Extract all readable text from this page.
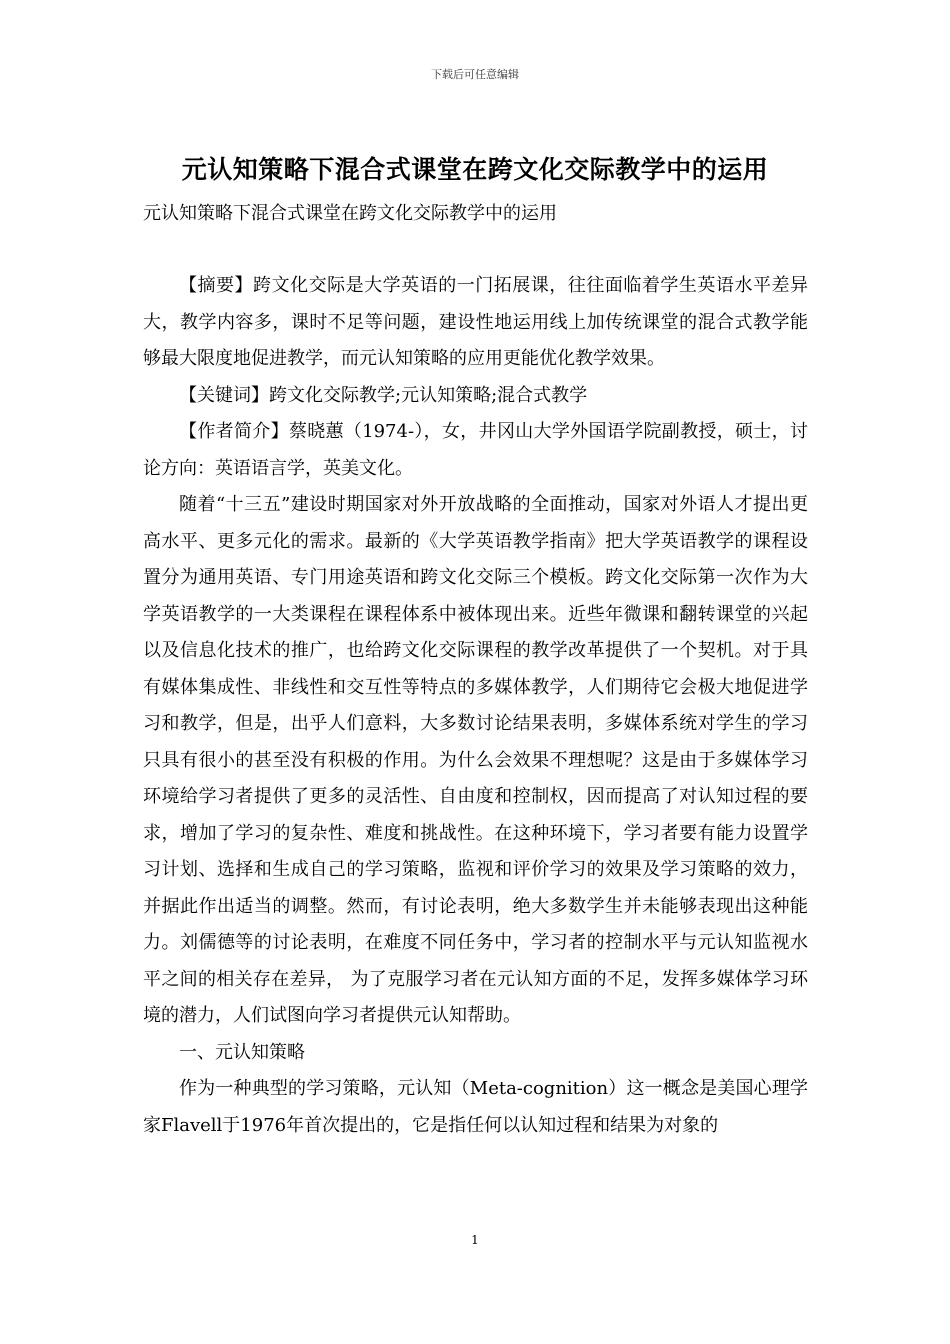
下载后可任意编辑
元认知策略下混合式课堂在跨文化交际教学中的运用
元认知策略下混合式课堂在跨文化交际教学中的运用

【摘要】跨文化交际是大学英语的一门拓展课，往往面临着学生英语水平差异大，教学内容多，课时不足等问题，建设性地运用线上加传统课堂的混合式教学能够最大限度地促进教学，而元认知策略的应用更能优化教学效果。

【关键词】跨文化交际教学;元认知策略;混合式教学

【作者简介】蔡晓蕙（1974-），女，井冈山大学外国语学院副教授，硕士，讨论方向：英语语言学，英美文化。

随着“十三五”建设时期国家对外开放战略的全面推动，国家对外语人才提出更高水平、更多元化的需求。最新的《大学英语教学指南》把大学英语教学的课程设置分为通用英语、专门用途英语和跨文化交际三个模板。跨文化交际第一次作为大学英语教学的一大类课程在课程体系中被体现出来。近些年微课和翻转课堂的兴起以及信息化技术的推广，也给跨文化交际课程的教学改革提供了一个契机。对于具有媒体集成性、非线性和交互性等特点的多媒体教学，人们期待它会极大地促进学习和教学，但是，出乎人们意料，大多数讨论结果表明，多媒体系统对学生的学习只具有很小的甚至没有积极的作用。为什么会效果不理想呢？这是由于多媒体学习环境给学习者提供了更多的灵活性、自由度和控制权，因而提高了对认知过程的要求，增加了学习的复杂性、难度和挑战性。在这种环境下，学习者要有能力设置学习计划、选择和生成自己的学习策略，监视和评价学习的效果及学习策略的效力，并据此作出适当的调整。然而，有讨论表明，绝大多数学生并未能够表现出这种能力。刘儒德等的讨论表明，在难度不同任务中，学习者的控制水平与元认知监视水平之间的相关存在差异， 为了克服学习者在元认知方面的不足，发挥多媒体学习环境的潜力，人们试图向学习者提供元认知帮助。

一、元认知策略

作为一种典型的学习策略，元认知（Meta-cognition）这一概念是美国心理学家Flavell于1976年首次提出的，它是指任何以认知过程和结果为对象的

1
